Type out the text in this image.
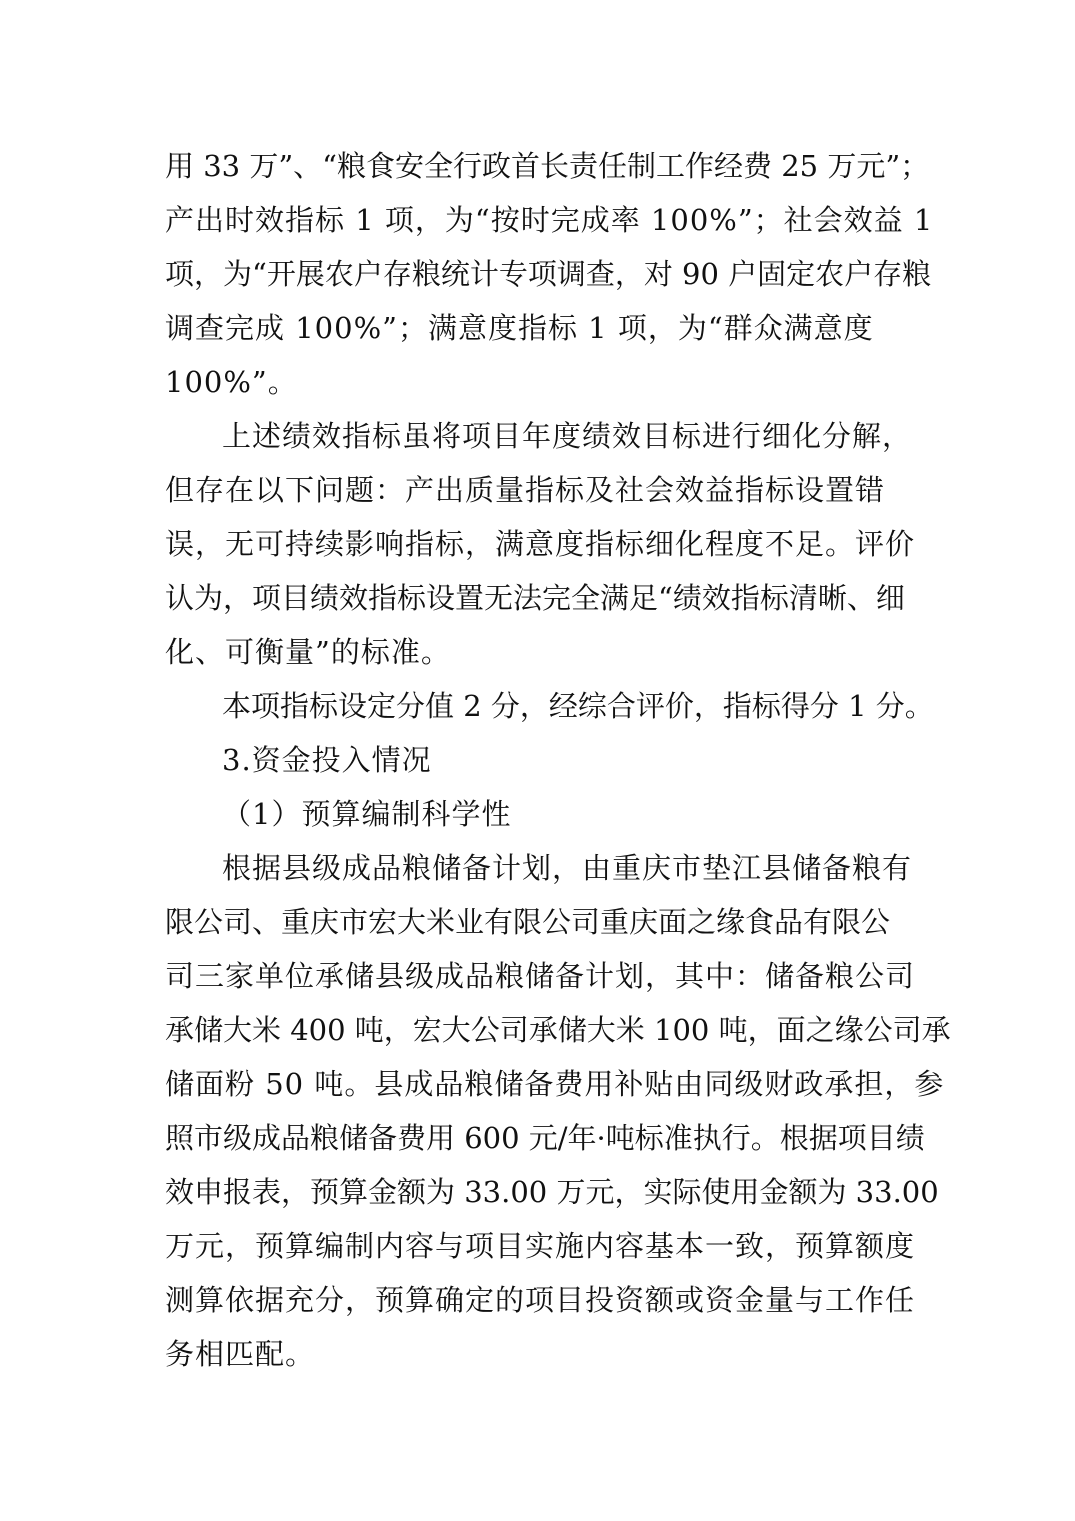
用 33 万”、“粮食安全行政首长责任制工作经费 25 万元”；
产出时效指标 1 项，为“按时完成率 100%”；社会效益 1
项，为“开展农户存粮统计专项调查，对 90 户固定农户存粮
调查完成 100%”；满意度指标 1 项，为“群众满意度
100%”。
上述绩效指标虽将项目年度绩效目标进行细化分解，
但存在以下问题：产出质量指标及社会效益指标设置错
误，无可持续影响指标，满意度指标细化程度不足。评价
认为，项目绩效指标设置无法完全满足“绩效指标清晰、细
化、可衡量”的标准。
本项指标设定分值 2 分，经综合评价，指标得分 1 分。
3.资金投入情况
（1）预算编制科学性
根据县级成品粮储备计划，由重庆市垫江县储备粮有
限公司、重庆市宏大米业有限公司重庆面之缘食品有限公
司三家单位承储县级成品粮储备计划，其中：储备粮公司
承储大米 400 吨，宏大公司承储大米 100 吨，面之缘公司承
储面粉 50 吨。县成品粮储备费用补贴由同级财政承担，参
照市级成品粮储备费用 600 元/年·吨标准执行。根据项目绩
效申报表，预算金额为 33.00 万元，实际使用金额为 33.00
万元，预算编制内容与项目实施内容基本一致，预算额度
测算依据充分，预算确定的项目投资额或资金量与工作任
务相匹配。
